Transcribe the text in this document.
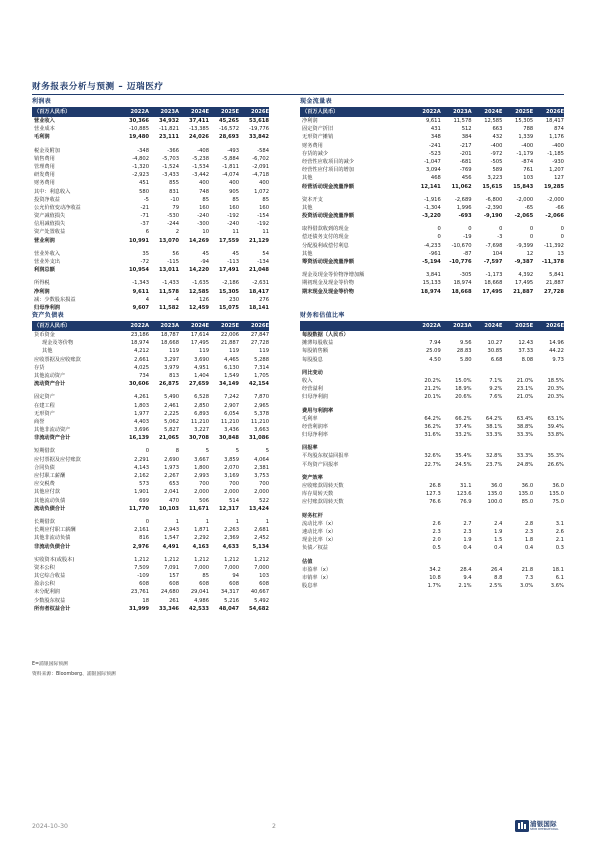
财务报表分析与预测 – 迈瑞医疗
利润表
（百万人民币）	2022A	2023A	2024E	2025E	2026E
营业收入	30,366	34,932	37,411	45,265	53,618
营业成本	-10,885	-11,821	-13,385	-16,572	-19,776
毛利润	19,480	23,111	24,026	28,693	33,842
税金及附加	-348	-366	-408	-493	-584
销售费用	-4,802	-5,703	-5,238	-5,884	-6,702
管理费用	-1,320	-1,524	-1,534	-1,811	-2,091
研发费用	-2,923	-3,433	-3,442	-4,074	-4,718
财务费用	451	855	400	400	400
其中：利息收入	580	831	748	905	1,072
投资净收益	-5	-10	85	85	85
公允价值变动净收益	-21	79	160	160	160
资产减值损失	-71	-530	-240	-192	-154
信用减值损失	-37	-244	-300	-240	-192
资产处置收益	6	2	10	11	11
营业利润	10,991	13,070	14,269	17,559	21,129
营业外收入	35	56	45	45	54
营业外支出	-72	-115	-94	-113	-134
利润总额	10,954	13,011	14,220	17,491	21,048
所得税	-1,343	-1,433	-1,635	-2,186	-2,631
净利润	9,611	11,578	12,585	15,305	18,417
减：少数股东损益	4	-4	126	230	276
归母净利润	9,607	11,582	12,459	15,075	18,141
现金流量表
（百万人民币）	2022A	2023A	2024E	2025E	2026E
净利润	9,611	11,578	12,585	15,305	18,417
固定资产折旧	431	512	663	788	874
无形资产摊销	348	384	432	1,339	1,176
财务费用	-241	-217	-400	-400	-400
存货的减少	-523	-201	-972	-1,179	-1,185
经营性应收项目的减少	-1,047	-681	-505	-874	-930
经营性应付项目的增加	3,094	-769	589	761	1,207
其他	468	456	3,223	103	127
经营活动现金流量净额	12,141	11,062	15,615	15,843	19,285
资本开支	-1,916	-2,689	-6,800	-2,000	-2,000
其他	-1,304	1,996	-2,390	-65	-66
投资活动现金流量净额	-3,220	-693	-9,190	-2,065	-2,066
取得借款收到的现金	0	0	0	0	0
偿还债务支付的现金	0	-19	-3	0	0
分配股利或偿付利息	-4,233	-10,670	-7,698	-9,399	-11,392
其他	-961	-87	104	12	13
筹资活动现金流量净额	-5,194	-10,776	-7,597	-9,387	-11,378
现金及现金等价物净增加额	3,841	-305	-1,173	4,392	5,841
期初现金及现金等价物	15,133	18,974	18,668	17,495	21,887
期末现金及现金等价物	18,974	18,668	17,495	21,887	27,728
资产负债表
（百万人民币）	2022A	2023A	2024E	2025E	2026E
货币资金	23,186	18,787	17,614	22,006	27,847
现金及等价物	18,974	18,668	17,495	21,887	27,728
其他	4,212	119	119	119	119
应收票据及应收账款	2,661	3,297	3,690	4,465	5,288
存货	4,025	3,979	4,951	6,130	7,314
其他流动资产	734	813	1,404	1,549	1,705
流动资产合计	30,606	26,875	27,659	34,149	42,154
固定资产	4,261	5,490	6,528	7,242	7,870
在建工程	1,803	2,461	2,850	2,907	2,965
无形资产	1,977	2,225	6,893	6,054	5,378
商誉	4,403	5,062	11,210	11,210	11,210
其他非流动资产	3,696	5,827	3,227	3,436	3,663
非流动资产合计	16,139	21,065	30,708	30,848	31,086
短期借款	0	8	5	5	5
应付票据及应付账款	2,291	2,690	3,667	3,859	4,064
合同负债	4,143	1,973	1,800	2,070	2,381
应付职工薪酬	2,162	2,267	2,993	3,169	3,753
应交税费	573	653	700	700	700
其他应付款	1,901	2,041	2,000	2,000	2,000
其他流动负债	699	470	506	514	522
流动负债合计	11,770	10,103	11,671	12,317	13,424
长期借款	0	1	1	1	1
长期应付职工薪酬	2,161	2,943	1,871	2,263	2,681
其他非流动负债	816	1,547	2,292	2,369	2,452
非流动负债合计	2,976	4,491	4,163	4,633	5,134
实收资本(或股本)	1,212	1,212	1,212	1,212	1,212
资本公积	7,509	7,091	7,000	7,000	7,000
其它综合收益	-109	157	85	94	103
盈余公积	608	608	608	608	608
未分配利润	23,761	24,680	29,041	34,317	40,667
少数股东权益	18	261	4,986	5,216	5,492
所有者权益合计	31,999	33,346	42,533	48,047	54,682
财务和估值比率
2022A	2023A	2024E	2025E	2026E
每股数据（人民币）
摊薄每股收益	7.94	9.56	10.27	12.43	14.96
每股销售额	25.09	28.83	30.85	37.33	44.22
每股股息	4.50	5.80	6.68	8.08	9.73
同比变动
收入	20.2%	15.0%	7.1%	21.0%	18.5%
经营溢利	21.2%	18.9%	9.2%	23.1%	20.3%
归母净利润	20.1%	20.6%	7.6%	21.0%	20.3%
费用与利润率
毛利率	64.2%	66.2%	64.2%	63.4%	63.1%
经营利润率	36.2%	37.4%	38.1%	38.8%	39.4%
归母净利率	31.6%	33.2%	33.3%	33.3%	33.8%
回报率
平均股东权益回报率	32.6%	35.4%	32.8%	33.3%	35.3%
平均资产回报率	22.7%	24.5%	23.7%	24.8%	26.6%
资产效率
应收账款周转天数	26.8	31.1	36.0	36.0	36.0
库存周转天数	127.3	123.6	135.0	135.0	135.0
应付账款周转天数	76.6	76.9	100.0	85.0	75.0
财务杠杆
流动比率（x）	2.6	2.7	2.4	2.8	3.1
速动比率（x）	2.3	2.3	1.9	2.3	2.6
现金比率（x）	2.0	1.9	1.5	1.8	2.1
负债／权益	0.5	0.4	0.4	0.4	0.3
估值
市盈率（x）	34.2	28.4	26.4	21.8	18.1
市销率（x）	10.8	9.4	8.8	7.3	6.1
股息率	1.7%	2.1%	2.5%	3.0%	3.6%
E=浦银国际预测
资料来源：Bloomberg、浦银国际预测
2024-10-30	2	浦银国际
SPDB INTERNATIONAL
